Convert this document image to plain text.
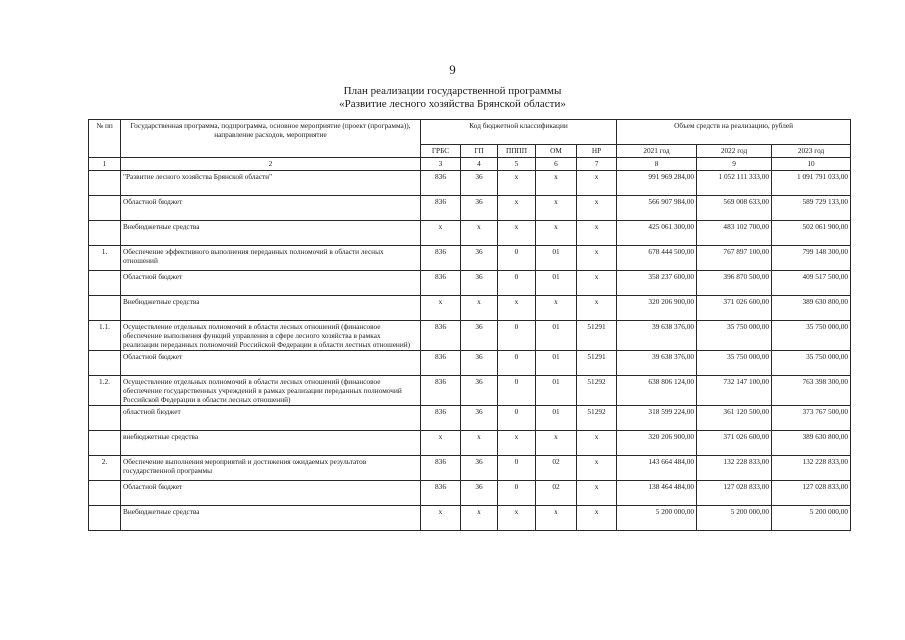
9
План реализации государственной программы
«Развитие лесного хозяйства Брянской области»
№ пп	Государственная программа, подпрограмма, основное мероприятие (проект (программа)), направление расходов, мероприятие	Код бюджетной классификации					Объем средств на реализацию, рублей		
		ГРБС	ГП	ПППП	ОМ	НР	2021 год	2022 год	2023 год
1	2	3	4	5	6	7	8	9	10
	"Развитие лесного хозяйства Брянской области"	836	36	х	х	х	991 969 284,00	1 052 111 333,00	1 091 791 033,00
	Областной бюджет	836	36	х	х	х	566 907 984,00	569 008 633,00	589 729 133,00
	Внебюджетные средства	х	х	х	х	х	425 061 300,00	483 102 700,00	502 061 900,00
1.	Обеспечение эффективного выполнения переданных полномочий в области лесных отношений	836	36	0	01	х	678 444 500,00	767 897 100,00	799 148 300,00
	Областной бюджет	836	36	0	01	х	358 237 600,00	396 870 500,00	409 517 500,00
	Внебюджетные средства	х	х	х	х	х	320 206 900,00	371 026 600,00	389 630 800,00
1.1.	Осуществление отдельных полномочий в области лесных отношений (финансовое обеспечение выполнения функций управления в сфере лесного хозяйства в рамках реализации переданных полномочий Российской Федерации в области лестных отношений)	836	36	0	01	51291	39 638 376,00	35 750 000,00	35 750 000,00
	Областной бюджет	836	36	0	01	51291	39 638 376,00	35 750 000,00	35 750 000,00
1.2.	Осуществление отдельных полномочий в области лесных отношений (финансовое обеспечение государственных учреждений в рамках реализации переданных полномочий Российской Федерации в области лесных отношений)	836	36	0	01	51292	638 806 124,00	732 147 100,00	763 398 300,00
	областной бюджет	836	36	0	01	51292	318 599 224,00	361 120 500,00	373 767 500,00
	внебюджетные средства	х	х	х	х	х	320 206 900,00	371 026 600,00	389 630 800,00
2.	Обеспечение выполнения мероприятий и достижения ожидаемых результатов государственной программы	836	36	0	02	х	143 664 484,00	132 228 833,00	132 228 833,00
	Областной бюджет	836	36	0	02	х	138 464 484,00	127 028 833,00	127 028 833,00
	Внебюджетные средства	х	х	х	х	х	5 200 000,00	5 200 000,00	5 200 000,00
